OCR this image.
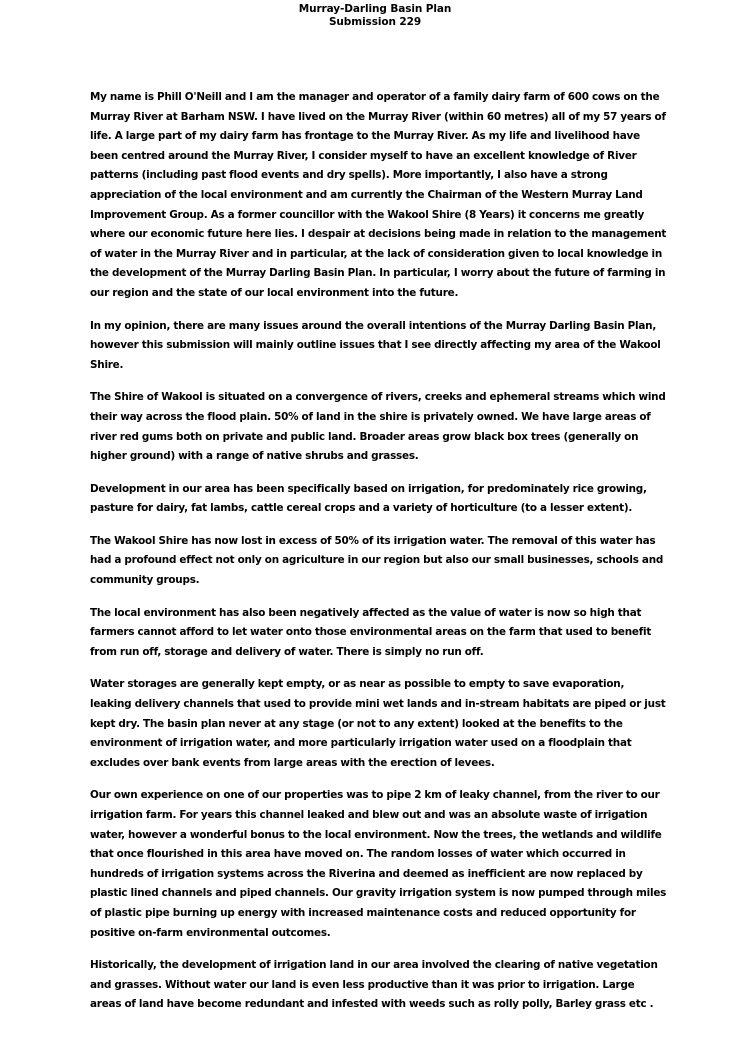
Murray-Darling Basin Plan
Submission 229

My name is Phill O'Neill and I am the manager and operator of a family dairy farm of 600 cows on the Murray River at Barham NSW. I have lived on the Murray River (within 60 metres) all of my 57 years of life. A large part of my dairy farm has frontage to the Murray River. As my life and livelihood have been centred around the Murray River, I consider myself to have an excellent knowledge of River patterns (including past flood events and dry spells). More importantly, I also have a strong appreciation of the local environment and am currently the Chairman of the Western Murray Land Improvement Group. As a former councillor with the Wakool Shire (8 Years) it concerns me greatly where our economic future here lies. I despair at decisions being made in relation to the management of water in the Murray River and in particular, at the lack of consideration given to local knowledge in the development of the Murray Darling Basin Plan. In particular, I worry about the future of farming in our region and the state of our local environment into the future.

In my opinion, there are many issues around the overall intentions of the Murray Darling Basin Plan, however this submission will mainly outline issues that I see directly affecting my area of the Wakool Shire.

The Shire of Wakool is situated on a convergence of rivers, creeks and ephemeral streams which wind their way across the flood plain. 50% of land in the shire is privately owned. We have large areas of river red gums both on private and public land. Broader areas grow black box trees (generally on higher ground) with a range of native shrubs and grasses.

Development in our area has been specifically based on irrigation, for predominately rice growing, pasture for dairy, fat lambs, cattle cereal crops and a variety of horticulture (to a lesser extent).

The Wakool Shire has now lost in excess of 50% of its irrigation water. The removal of this water has had a profound effect not only on agriculture in our region but also our small businesses, schools and community groups.

The local environment has also been negatively affected as the value of water is now so high that farmers cannot afford to let water onto those environmental areas on the farm that used to benefit from run off, storage and delivery of water. There is simply no run off.

Water storages are generally kept empty, or as near as possible to empty to save evaporation, leaking delivery channels that used to provide mini wet lands and in-stream habitats are piped or just kept dry. The basin plan never at any stage (or not to any extent) looked at the benefits to the environment of irrigation water, and more particularly irrigation water used on a floodplain that excludes over bank events from large areas with the erection of levees.

Our own experience on one of our properties was to pipe 2 km of leaky channel, from the river to our irrigation farm. For years this channel leaked and blew out and was an absolute waste of irrigation water, however a wonderful bonus to the local environment. Now the trees, the wetlands and wildlife that once flourished in this area have moved on. The random losses of water which occurred in hundreds of irrigation systems across the Riverina and deemed as inefficient are now replaced by plastic lined channels and piped channels. Our gravity irrigation system is now pumped through miles of plastic pipe burning up energy with increased maintenance costs and reduced opportunity for positive on-farm environmental outcomes.

Historically, the development of irrigation land in our area involved the clearing of native vegetation and grasses. Without water our land is even less productive than it was prior to irrigation. Large areas of land have become redundant and infested with weeds such as rolly polly, Barley grass etc .
